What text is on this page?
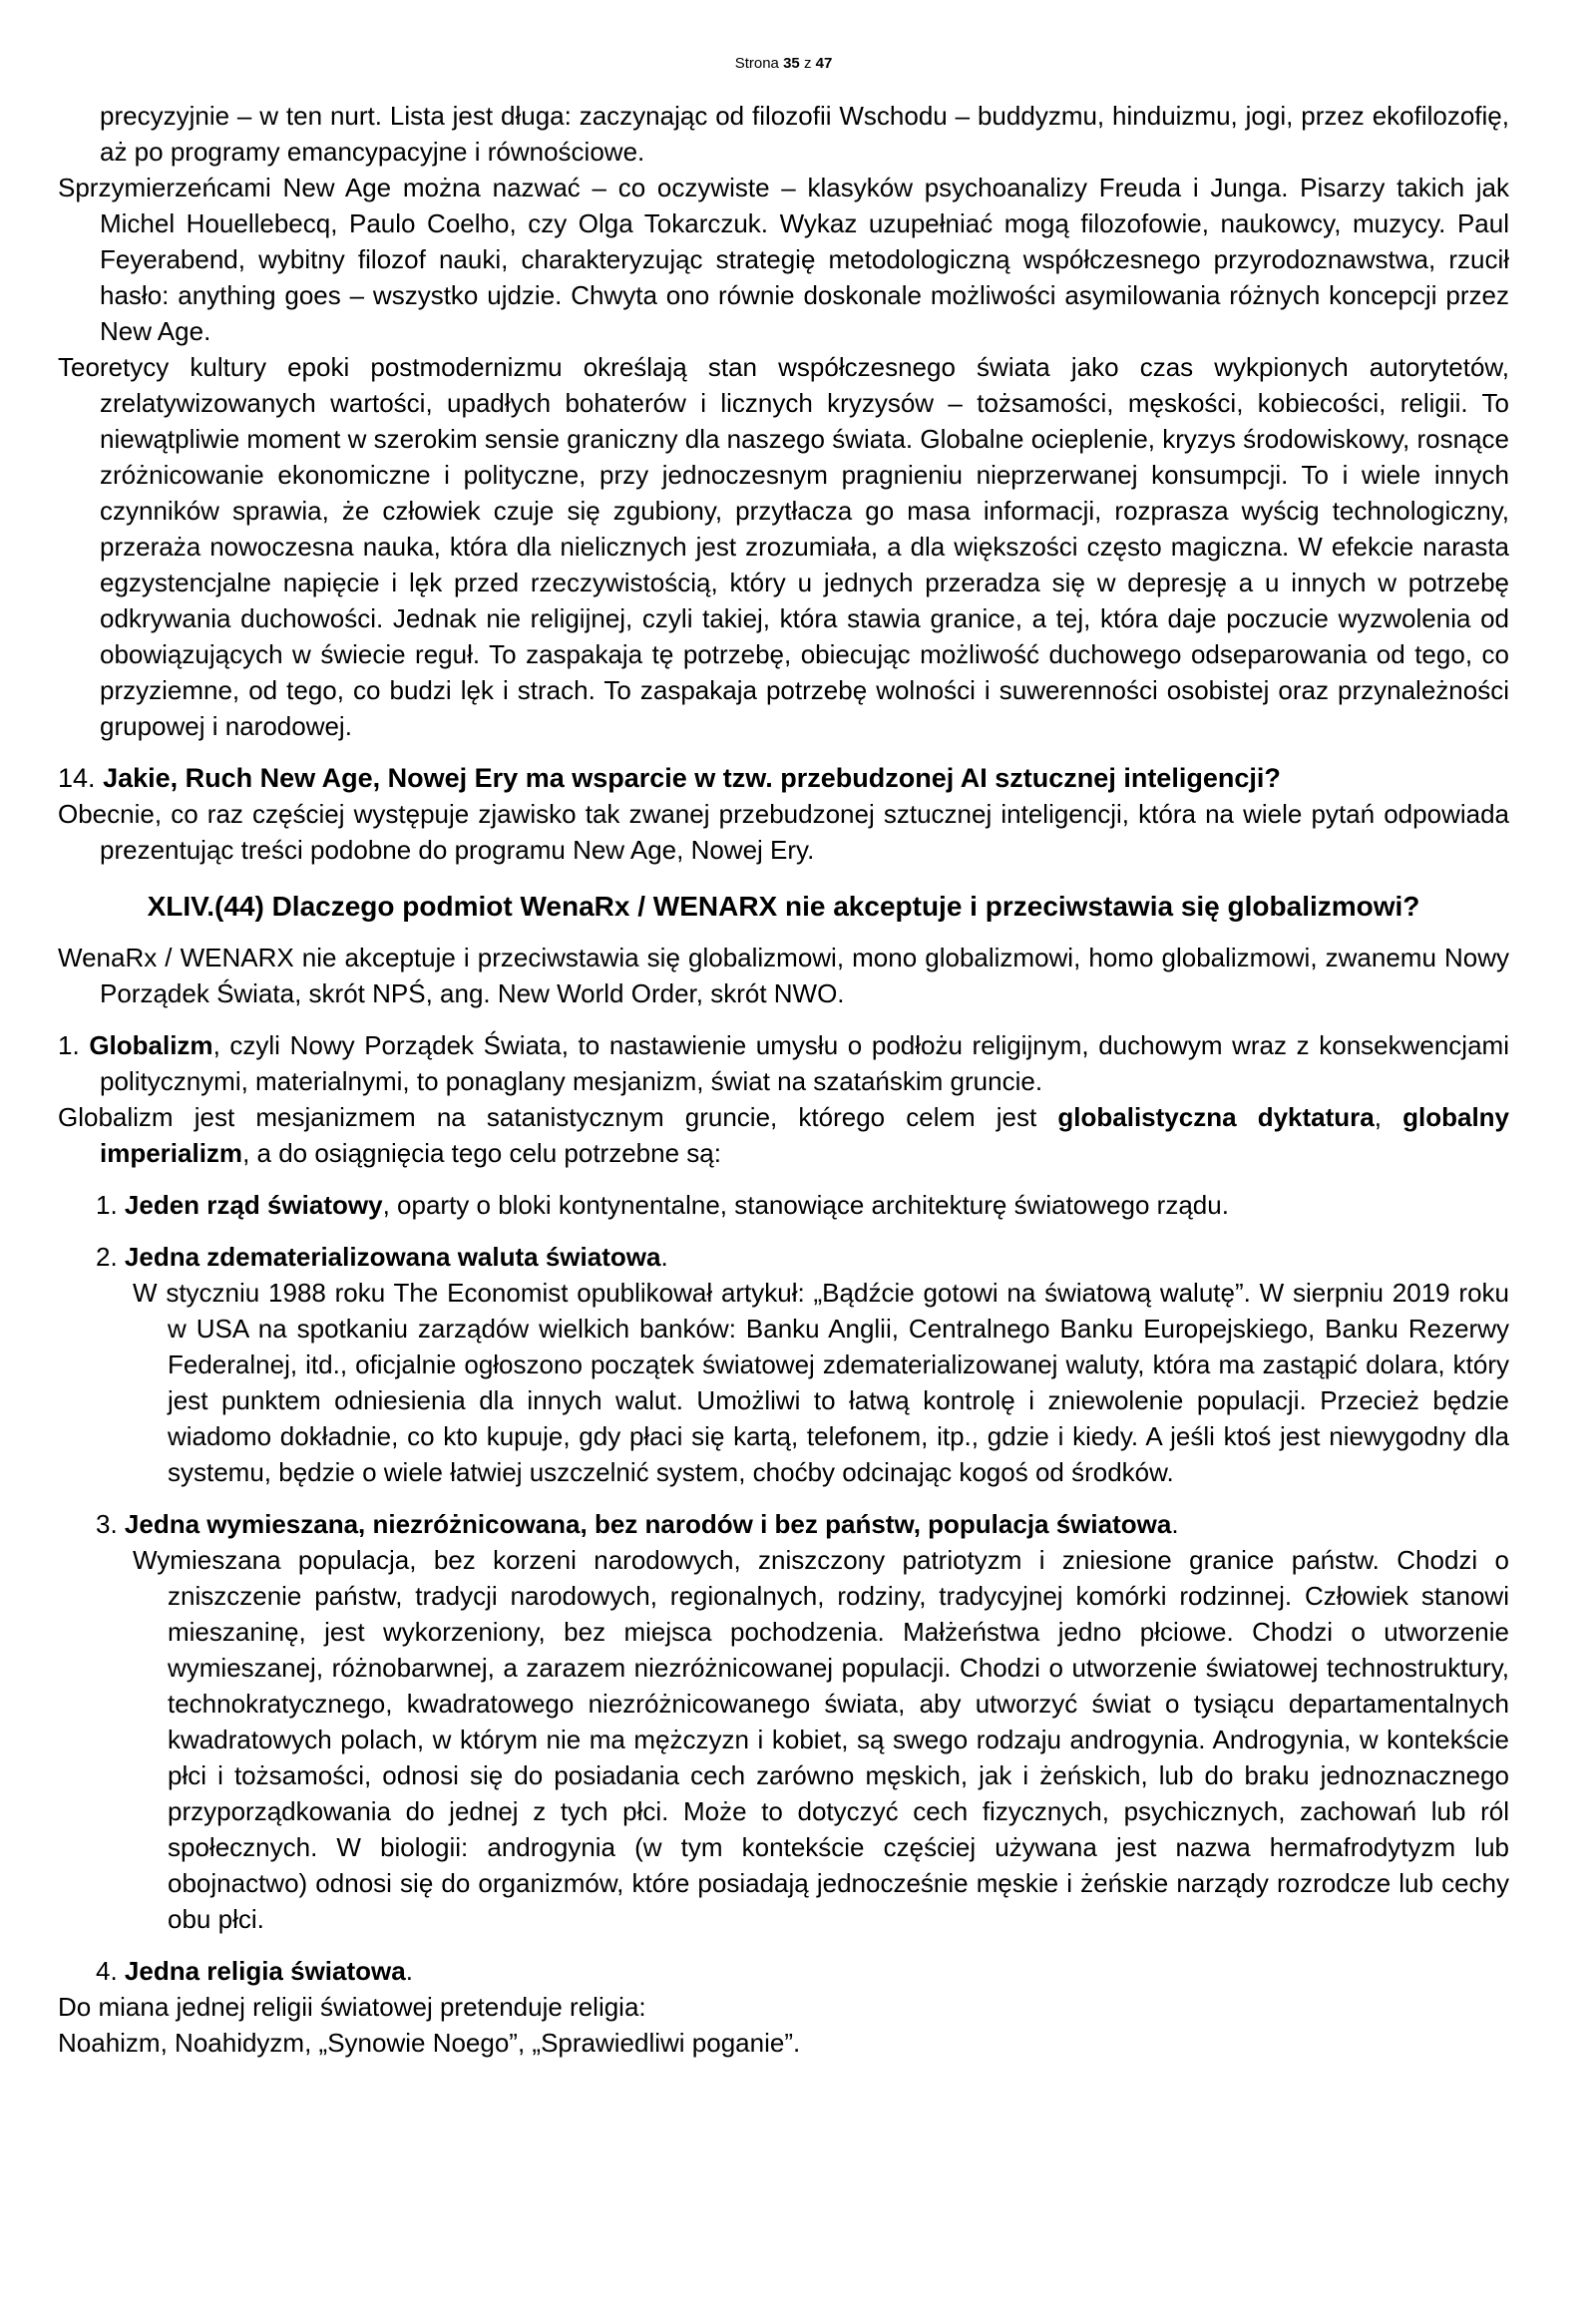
Strona 35 z 47

precyzyjnie – w ten nurt. Lista jest długa: zaczynając od filozofii Wschodu – buddyzmu, hinduizmu, jogi, przez ekofilozofię, aż po programy emancypacyjne i równościowe.

Sprzymierzeńcami New Age można nazwać – co oczywiste – klasyków psychoanalizy Freuda i Junga. Pisarzy takich jak Michel Houellebecq, Paulo Coelho, czy Olga Tokarczuk. Wykaz uzupełniać mogą filozofowie, naukowcy, muzycy. Paul Feyerabend, wybitny filozof nauki, charakteryzując strategię metodologiczną współczesnego przyrodoznawstwa, rzucił hasło: anything goes – wszystko ujdzie. Chwyta ono równie doskonale możliwości asymilowania różnych koncepcji przez New Age.

Teoretycy kultury epoki postmodernizmu określają stan współczesnego świata jako czas wykpionych autorytetów, zrelatywizowanych wartości, upadłych bohaterów i licznych kryzysów – tożsamości, męskości, kobiecości, religii. To niewątpliwie moment w szerokim sensie graniczny dla naszego świata. Globalne ocieplenie, kryzys środowiskowy, rosnące zróżnicowanie ekonomiczne i polityczne, przy jednoczesnym pragnieniu nieprzerwanej konsumpcji. To i wiele innych czynników sprawia, że człowiek czuje się zgubiony, przytłacza go masa informacji, rozprasza wyścig technologiczny, przeraża nowoczesna nauka, która dla nielicznych jest zrozumiała, a dla większości często magiczna. W efekcie narasta egzystencjalne napięcie i lęk przed rzeczywistością, który u jednych przeradza się w depresję a u innych w potrzebę odkrywania duchowości. Jednak nie religijnej, czyli takiej, która stawia granice, a tej, która daje poczucie wyzwolenia od obowiązujących w świecie reguł. To zaspakaja tę potrzebę, obiecując możliwość duchowego odseparowania od tego, co przyziemne, od tego, co budzi lęk i strach. To zaspakaja potrzebę wolności i suwerenności osobistej oraz przynależności grupowej i narodowej.

14. Jakie, Ruch New Age, Nowej Ery ma wsparcie w tzw. przebudzonej AI sztucznej inteligencji?

Obecnie, co raz częściej występuje zjawisko tak zwanej przebudzonej sztucznej inteligencji, która na wiele pytań odpowiada prezentując treści podobne do programu New Age, Nowej Ery.

XLIV.(44) Dlaczego podmiot WenaRx / WENARX nie akceptuje i przeciwstawia się globalizmowi?

WenaRx / WENARX nie akceptuje i przeciwstawia się globalizmowi, mono globalizmowi, homo globalizmowi, zwanemu Nowy Porządek Świata, skrót NPŚ, ang. New World Order, skrót NWO.

1. Globalizm, czyli Nowy Porządek Świata, to nastawienie umysłu o podłożu religijnym, duchowym wraz z konsekwencjami politycznymi, materialnymi, to ponaglany mesjanizm, świat na szatańskim gruncie.

Globalizm jest mesjanizmem na satanistycznym gruncie, którego celem jest globalistyczna dyktatura, globalny imperializm, a do osiągnięcia tego celu potrzebne są:

1. Jeden rząd światowy, oparty o bloki kontynentalne, stanowiące architekturę światowego rządu.

2. Jedna zdematerializowana waluta światowa.

W styczniu 1988 roku The Economist opublikował artykuł: „Bądźcie gotowi na światową walutę”. W sierpniu 2019 roku w USA na spotkaniu zarządów wielkich banków: Banku Anglii, Centralnego Banku Europejskiego, Banku Rezerwy Federalnej, itd., oficjalnie ogłoszono początek światowej zdematerializowanej waluty, która ma zastąpić dolara, który jest punktem odniesienia dla innych walut. Umożliwi to łatwą kontrolę i zniewolenie populacji. Przecież będzie wiadomo dokładnie, co kto kupuje, gdy płaci się kartą, telefonem, itp., gdzie i kiedy. A jeśli ktoś jest niewygodny dla systemu, będzie o wiele łatwiej uszczelnić system, choćby odcinając kogoś od środków.

3. Jedna wymieszana, niezróżnicowana, bez narodów i bez państw, populacja światowa.

Wymieszana populacja, bez korzeni narodowych, zniszczony patriotyzm i zniesione granice państw. Chodzi o zniszczenie państw, tradycji narodowych, regionalnych, rodziny, tradycyjnej komórki rodzinnej. Człowiek stanowi mieszaninę, jest wykorzeniony, bez miejsca pochodzenia. Małżeństwa jedno płciowe. Chodzi o utworzenie wymieszanej, różnobarwnej, a zarazem niezróżnicowanej populacji. Chodzi o utworzenie światowej technostruktury, technokratycznego, kwadratowego niezróżnicowanego świata, aby utworzyć świat o tysiącu departamentalnych kwadratowych polach, w którym nie ma mężczyzn i kobiet, są swego rodzaju androgynia. Androgynia, w kontekście płci i tożsamości, odnosi się do posiadania cech zarówno męskich, jak i żeńskich, lub do braku jednoznacznego przyporządkowania do jednej z tych płci. Może to dotyczyć cech fizycznych, psychicznych, zachowań lub ról społecznych. W biologii: androgynia (w tym kontekście częściej używana jest nazwa hermafrodytyzm lub obojnactwo) odnosi się do organizmów, które posiadają jednocześnie męskie i żeńskie narządy rozrodcze lub cechy obu płci.

4. Jedna religia światowa.

Do miana jednej religii światowej pretenduje religia:

Noahizm, Noahidyzm, „Synowie Noego”, „Sprawiedliwi poganie”.
